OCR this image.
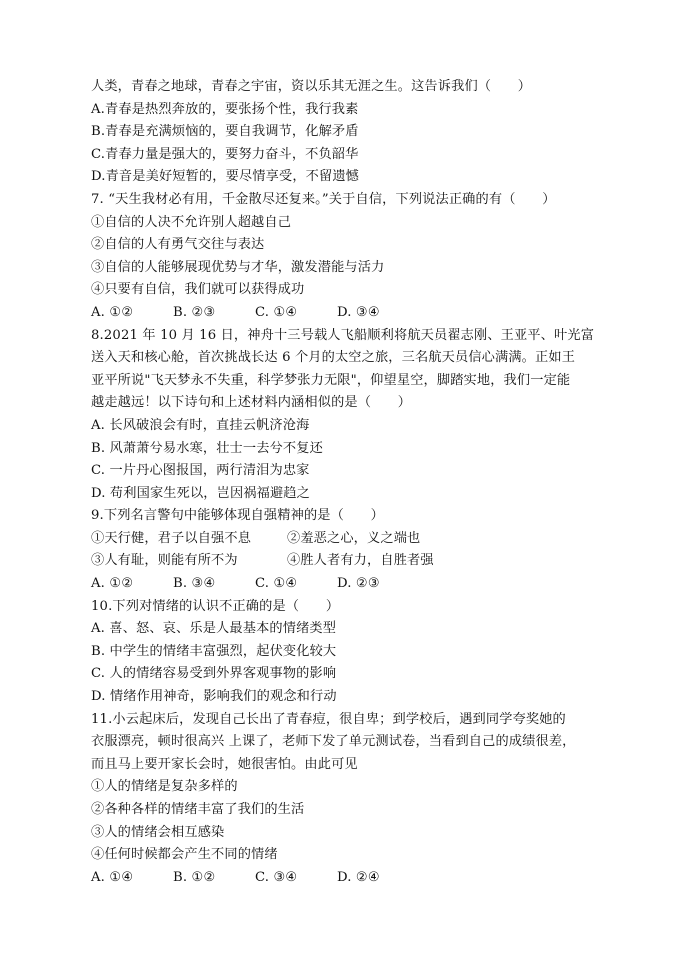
人类，青春之地球，青春之宇宙，资以乐其无涯之生。这告诉我们（　　）
A.青春是热烈奔放的，要张扬个性，我行我素
B.青春是充满烦恼的，要自我调节，化解矛盾
C.青春力量是强大的，要努力奋斗，不负韶华
D.青音是美好短暂的，要尽情享受，不留遗憾
7. “天生我材必有用，千金散尽还复来。”关于自信，下列说法正确的有（　　）
①自信的人决不允许别人超越自己
②自信的人有勇气交往与表达
③自信的人能够展现优势与才华，激发潜能与活力
④只要有自信，我们就可以获得成功
A. ①②	B. ②③	C. ①④	D. ③④
8.2021 年 10 月 16 日，神舟十三号载人飞船顺利将航天员翟志刚、王亚平、叶光富
送入天和核心舱，首次挑战长达 6 个月的太空之旅，三名航天员信心满满。正如王
亚平所说"飞天梦永不失重，科学梦张力无限"，仰望星空，脚踏实地，我们一定能
越走越远！以下诗句和上述材料内涵相似的是（　　）
A. 长风破浪会有时，直挂云帆济沧海
B. 风萧萧兮易水寒，壮士一去兮不复还
C. 一片丹心图报国，两行清泪为忠家
D. 苟利国家生死以，岂因祸福避趋之
9.下列名言警句中能够体现自强精神的是（　　）
①天行健，君子以自强不息	②羞恶之心，义之端也
③人有耻，则能有所不为	④胜人者有力，自胜者强
A. ①②	B. ③④	C. ①④	D. ②③
10.下列对情绪的认识不正确的是（　　）
A. 喜、怒、哀、乐是人最基本的情绪类型
B. 中学生的情绪丰富强烈，起伏变化较大
C. 人的情绪容易受到外界客观事物的影响
D. 情绪作用神奇，影响我们的观念和行动
11.小云起床后，发现自己长出了青春痘，很自卑；到学校后，遇到同学夸奖她的
衣服漂亮，顿时很高兴 上课了，老师下发了单元测试卷，当看到自己的成绩很差，
而且马上要开家长会时，她很害怕。由此可见
①人的情绪是复杂多样的
②各种各样的情绪丰富了我们的生活
③人的情绪会相互感染
④任何时候都会产生不同的情绪
A. ①④	B. ①②	C. ③④	D. ②④
